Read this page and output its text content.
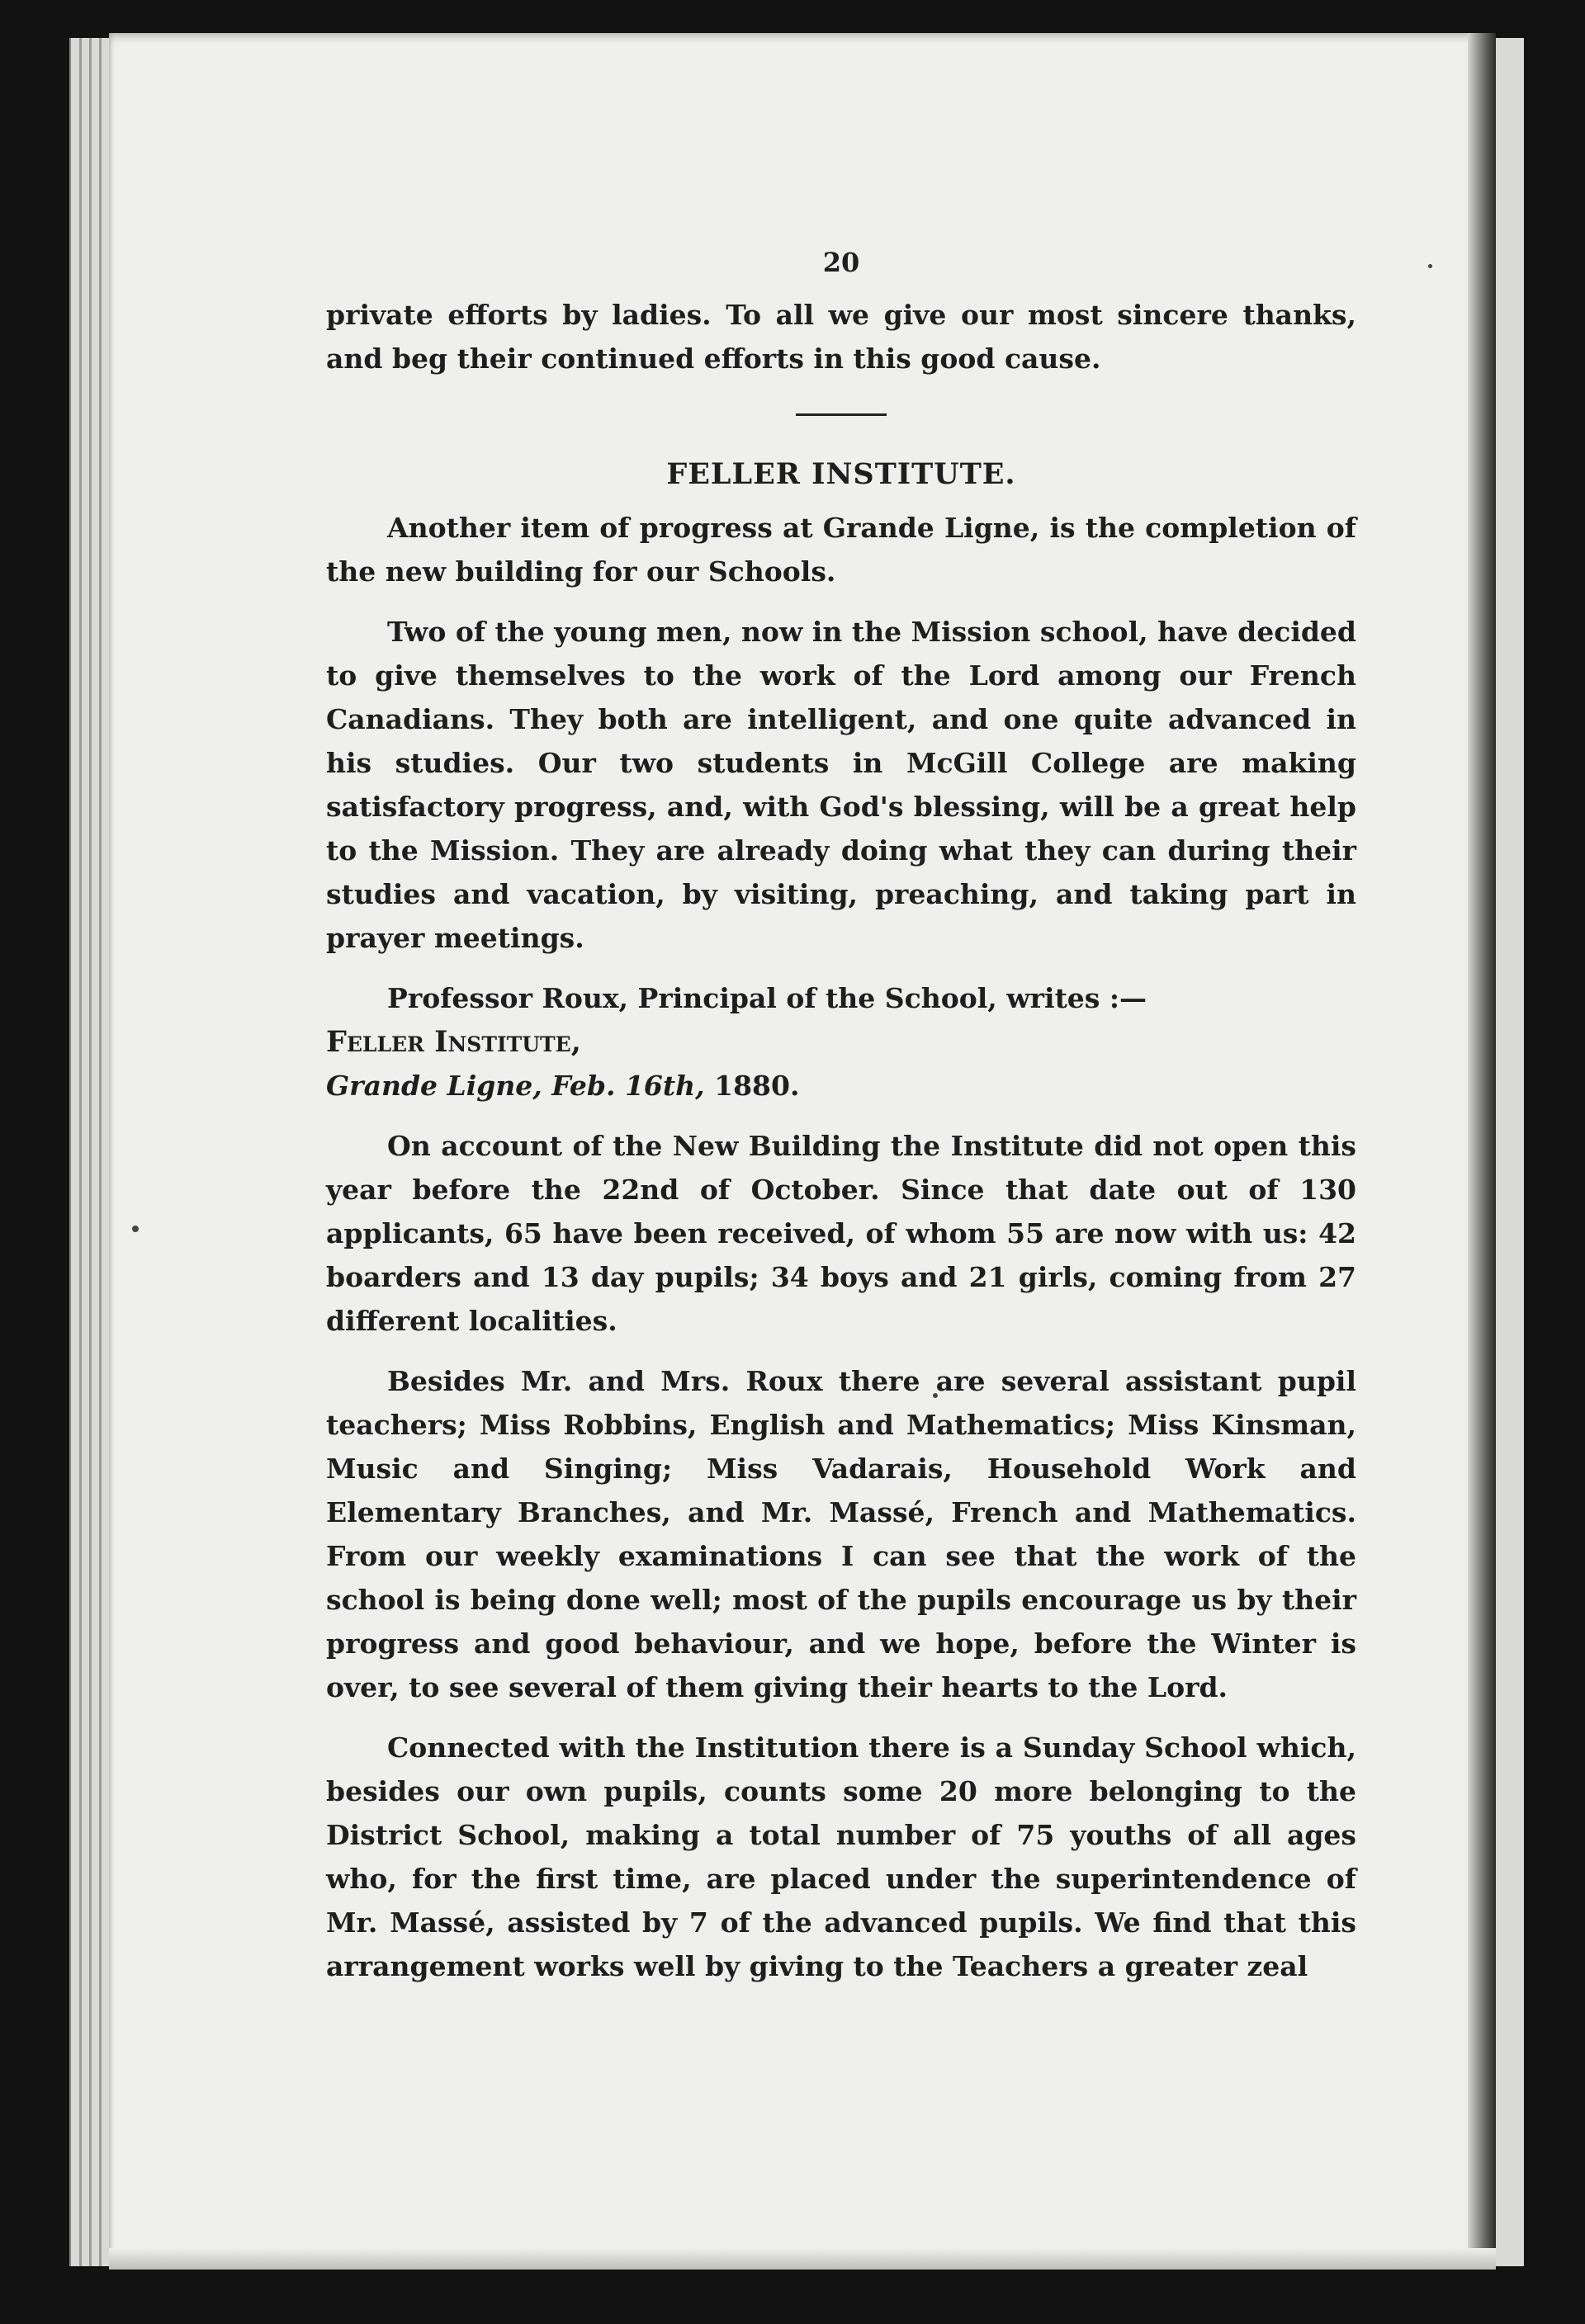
20

private efforts by ladies. To all we give our most sincere thanks, and beg their continued efforts in this good cause.

FELLER INSTITUTE.

Another item of progress at Grande Ligne, is the completion of the new building for our Schools.

Two of the young men, now in the Mission school, have decided to give themselves to the work of the Lord among our French Canadians. They both are intelligent, and one quite advanced in his studies. Our two students in McGill College are making satisfactory progress, and, with God's blessing, will be a great help to the Mission. They are already doing what they can during their studies and vacation, by visiting, preaching, and taking part in prayer meetings.

Professor Roux, Principal of the School, writes :—

Feller Institute,

Grande Ligne, Feb. 16th, 1880.

On account of the New Building the Institute did not open this year before the 22nd of October. Since that date out of 130 applicants, 65 have been received, of whom 55 are now with us: 42 boarders and 13 day pupils; 34 boys and 21 girls, coming from 27 different localities.

Besides Mr. and Mrs. Roux there are several assistant pupil teachers; Miss Robbins, English and Mathematics; Miss Kinsman, Music and Singing; Miss Vadarais, Household Work and Elementary Branches, and Mr. Massé, French and Mathematics. From our weekly examinations I can see that the work of the school is being done well; most of the pupils encourage us by their progress and good behaviour, and we hope, before the Winter is over, to see several of them giving their hearts to the Lord.

Connected with the Institution there is a Sunday School which, besides our own pupils, counts some 20 more belonging to the District School, making a total number of 75 youths of all ages who, for the first time, are placed under the superintendence of Mr. Massé, assisted by 7 of the advanced pupils. We find that this arrangement works well by giving to the Teachers a greater zeal
